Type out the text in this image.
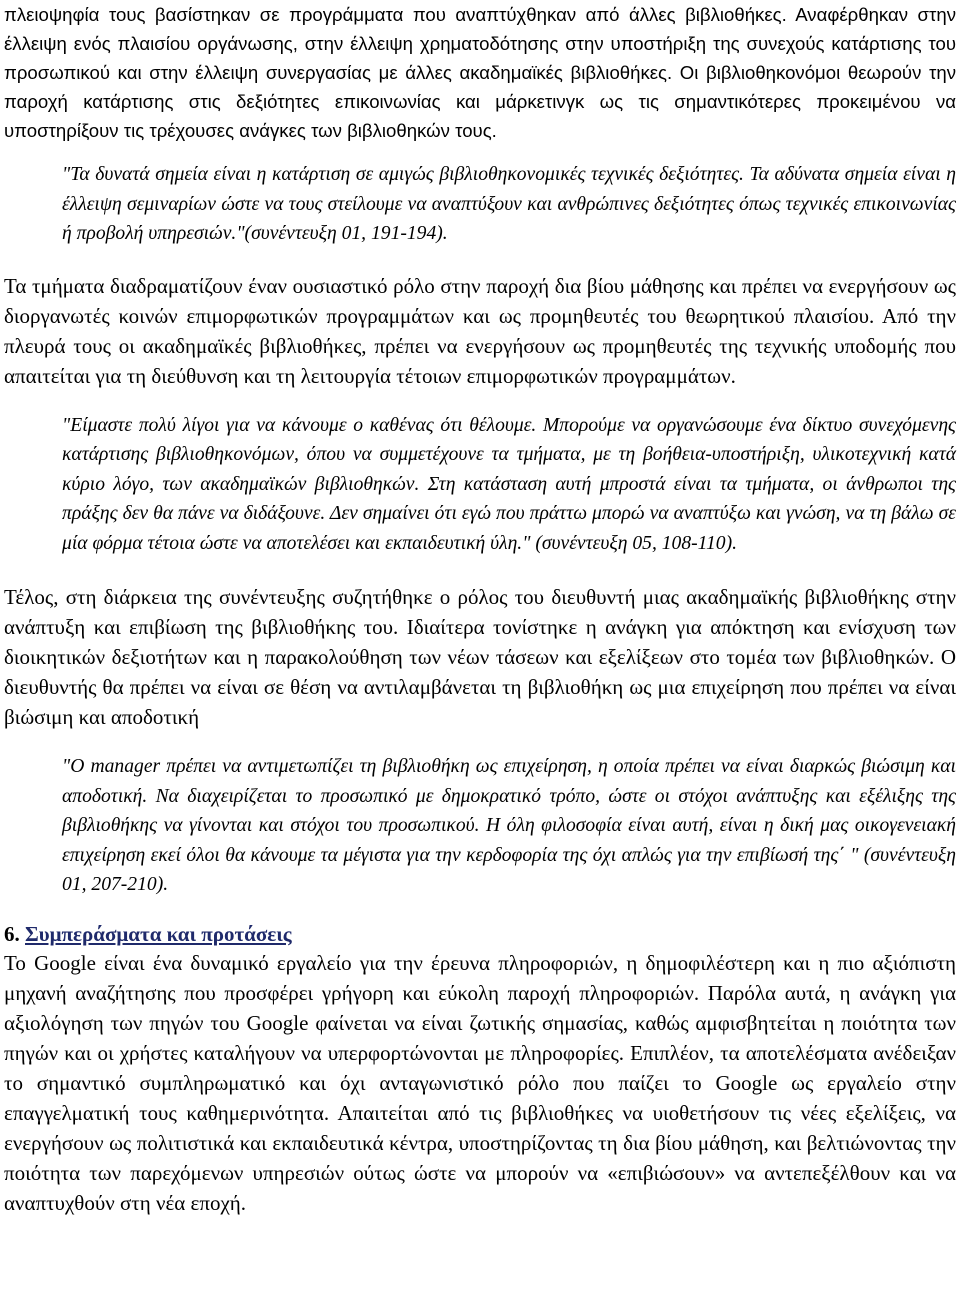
πλειοψηφία τους βασίστηκαν σε προγράμματα που αναπτύχθηκαν από άλλες βιβλιοθήκες. Αναφέρθηκαν στην έλλειψη ενός πλαισίου οργάνωσης, στην έλλειψη χρηματοδότησης στην υποστήριξη της συνεχούς κατάρτισης του προσωπικού και στην έλλειψη συνεργασίας με άλλες ακαδημαϊκές βιβλιοθήκες. Οι βιβλιοθηκονόμοι θεωρούν την παροχή κατάρτισης στις δεξιότητες επικοινωνίας και μάρκετινγκ ως τις σημαντικότερες προκειμένου να υποστηρίξουν τις τρέχουσες ανάγκες των βιβλιοθηκών τους.

"Τα δυνατά σημεία είναι η κατάρτιση σε αμιγώς βιβλιοθηκονομικές τεχνικές δεξιότητες. Τα αδύνατα σημεία είναι η έλλειψη σεμιναρίων ώστε να τους στείλουμε να αναπτύξουν και ανθρώπινες δεξιότητες όπως τεχνικές επικοινωνίας ή προβολή υπηρεσιών."(συνέντευξη 01, 191-194).

Τα τμήματα διαδραματίζουν έναν ουσιαστικό ρόλο στην παροχή δια βίου μάθησης και πρέπει να ενεργήσουν ως διοργανωτές κοινών επιμορφωτικών προγραμμάτων και ως προμηθευτές του θεωρητικού πλαισίου. Από την πλευρά τους οι ακαδημαϊκές βιβλιοθήκες, πρέπει να ενεργήσουν ως προμηθευτές της τεχνικής υποδομής που απαιτείται για τη διεύθυνση και τη λειτουργία τέτοιων επιμορφωτικών προγραμμάτων.

"Είμαστε πολύ λίγοι για να κάνουμε ο καθένας ότι θέλουμε. Μπορούμε να οργανώσουμε ένα δίκτυο συνεχόμενης κατάρτισης βιβλιοθηκονόμων, όπου να συμμετέχουνε τα τμήματα, με τη βοήθεια-υποστήριξη, υλικοτεχνική κατά κύριο λόγο, των ακαδημαϊκών βιβλιοθηκών. Στη κατάσταση αυτή μπροστά είναι τα τμήματα, οι άνθρωποι της πράξης δεν θα πάνε να διδάξουνε. Δεν σημαίνει ότι εγώ που πράττω μπορώ να αναπτύξω και γνώση, να τη βάλω σε μία φόρμα τέτοια ώστε να αποτελέσει και εκπαιδευτική ύλη." (συνέντευξη 05, 108-110).

Τέλος, στη διάρκεια της συνέντευξης συζητήθηκε ο ρόλος του διευθυντή μιας ακαδημαϊκής βιβλιοθήκης στην ανάπτυξη και επιβίωση της βιβλιοθήκης του. Ιδιαίτερα τονίστηκε η ανάγκη για απόκτηση και ενίσχυση των διοικητικών δεξιοτήτων και η παρακολούθηση των νέων τάσεων και εξελίξεων στο τομέα των βιβλιοθηκών. Ο διευθυντής θα πρέπει να είναι σε θέση να αντιλαμβάνεται τη βιβλιοθήκη ως μια επιχείρηση που πρέπει να είναι βιώσιμη και αποδοτική

"Ο manager πρέπει να αντιμετωπίζει τη βιβλιοθήκη ως επιχείρηση, η οποία πρέπει να είναι διαρκώς βιώσιμη και αποδοτική. Να διαχειρίζεται το προσωπικό με δημοκρατικό τρόπο, ώστε οι στόχοι ανάπτυξης και εξέλιξης της βιβλιοθήκης να γίνονται και στόχοι του προσωπικού. Η όλη φιλοσοφία είναι αυτή, είναι η δική μας οικογενειακή επιχείρηση εκεί όλοι θα κάνουμε τα μέγιστα για την κερδοφορία της όχι απλώς για την επιβίωσή της΄ " (συνέντευξη 01, 207-210).

6. Συμπεράσματα και προτάσεις

Το Google είναι ένα δυναμικό εργαλείο για την έρευνα πληροφοριών, η δημοφιλέστερη και η πιο αξιόπιστη μηχανή αναζήτησης που προσφέρει γρήγορη και εύκολη παροχή πληροφοριών. Παρόλα αυτά, η ανάγκη για αξιολόγηση των πηγών του Google φαίνεται να είναι ζωτικής σημασίας, καθώς αμφισβητείται η ποιότητα των πηγών και οι χρήστες καταλήγουν να υπερφορτώνονται με πληροφορίες. Επιπλέον, τα αποτελέσματα ανέδειξαν το σημαντικό συμπληρωματικό και όχι ανταγωνιστικό ρόλο που παίζει το Google ως εργαλείο στην επαγγελματική τους καθημερινότητα. Απαιτείται από τις βιβλιοθήκες να υιοθετήσουν τις νέες εξελίξεις, να ενεργήσουν ως πολιτιστικά και εκπαιδευτικά κέντρα, υποστηρίζοντας τη δια βίου μάθηση, και βελτιώνοντας την ποιότητα των παρεχόμενων υπηρεσιών ούτως ώστε να μπορούν να «επιβιώσουν» να αντεπεξέλθουν και να αναπτυχθούν στη νέα εποχή.
